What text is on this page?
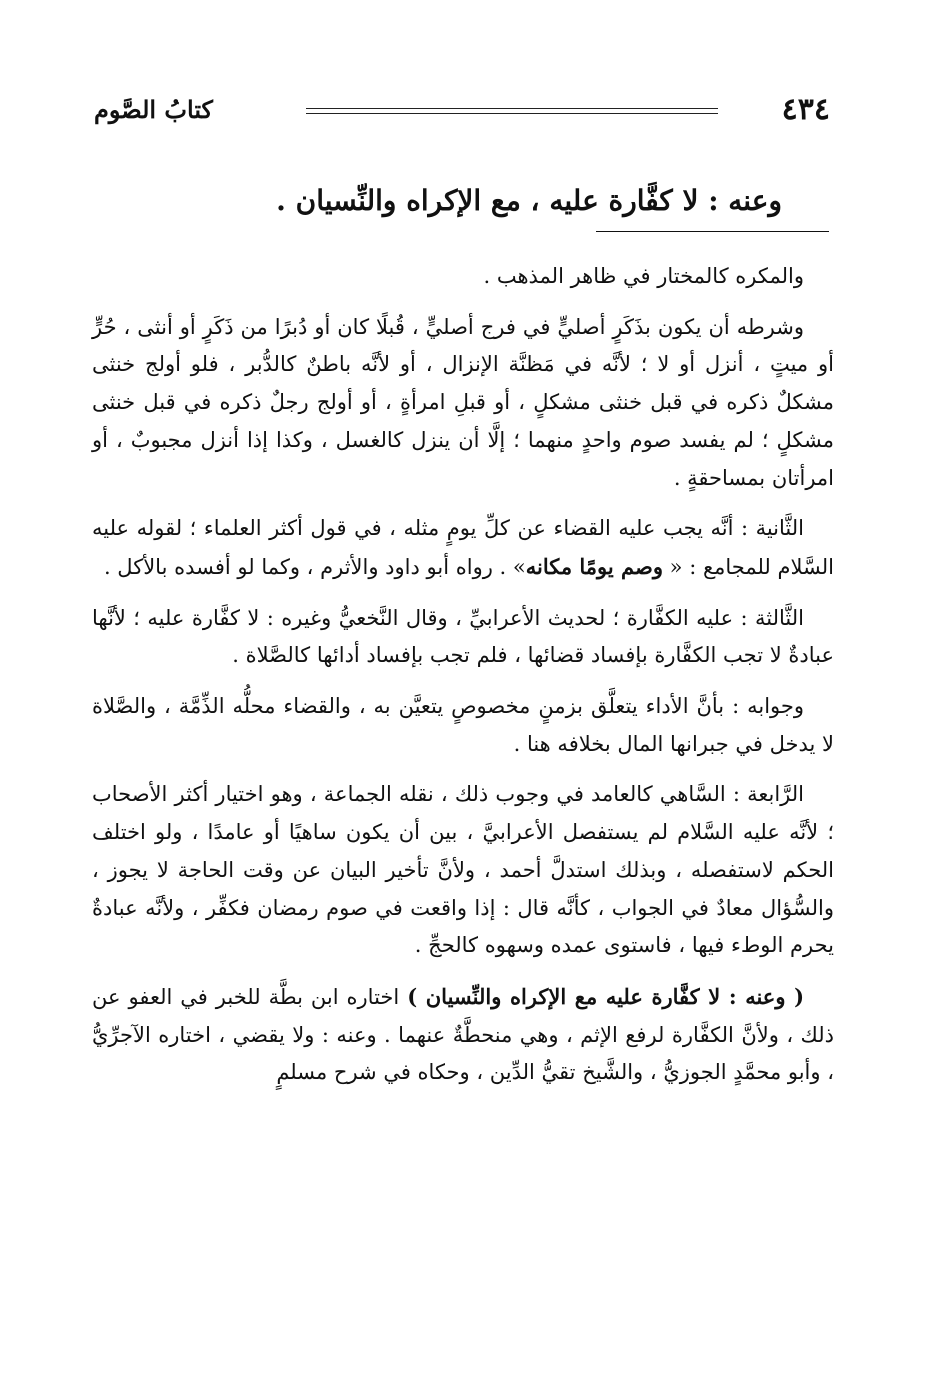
٤٣٤
كتابُ الصَّوم
وعنه : لا كفَّارة عليه ، مع الإكراه والنِّسيان .

والمكره كالمختار في ظاهر المذهب .

وشرطه أن يكون بذَكَرٍ أصليٍّ في فرج أصليٍّ ، قُبلًا كان أو دُبرًا من ذَكَرٍ أو أنثى ، حُرٍّ أو ميتٍ ، أنزل أو لا ؛ لأنَّه في مَظنَّة الإنزال ، أو لأنَّه باطنٌ كالدُّبر ، فلو أولج خنثى مشكلٌ ذكره في قبل خنثى مشكلٍ ، أو قبلِ امرأةٍ ، أو أولج رجلٌ ذكره في قبل خنثى مشكلٍ ؛ لم يفسد صوم واحدٍ منهما ؛ إلَّا أن ينزل كالغسل ، وكذا إذا أنزل مجبوبٌ ، أو امرأتان بمساحقةٍ .

الثَّانية : أنَّه يجب عليه القضاء عن كلِّ يومٍ مثله ، في قول أكثر العلماء ؛ لقوله عليه السَّلام للمجامع : « وصم يومًا مكانه» . رواه أبو داود والأثرم ، وكما لو أفسده بالأكل .

الثَّالثة : عليه الكفَّارة ؛ لحديث الأعرابيِّ ، وقال النَّخعيُّ وغيره : لا كفَّارة عليه ؛ لأنَّها عبادةٌ لا تجب الكفَّارة بإفساد قضائها ، فلم تجب بإفساد أدائها كالصَّلاة .

وجوابه : بأنَّ الأداء يتعلَّق بزمنٍ مخصوصٍ يتعيَّن به ، والقضاء محلُّه الذِّمَّة ، والصَّلاة لا يدخل في جبرانها المال بخلافه هنا .

الرَّابعة : السَّاهي كالعامد في وجوب ذلك ، نقله الجماعة ، وهو اختيار أكثر الأصحاب ؛ لأنَّه عليه السَّلام لم يستفصل الأعرابيَّ ، بين أن يكون ساهيًا أو عامدًا ، ولو اختلف الحكم لاستفصله ، وبذلك استدلَّ أحمد ، ولأنَّ تأخير البيان عن وقت الحاجة لا يجوز ، والسُّؤال معادٌ في الجواب ، كأنَّه قال : إذا واقعت في صوم رمضان فكفِّر ، ولأنَّه عبادةٌ يحرم الوطء فيها ، فاستوى عمده وسهوه كالحجِّ .

( وعنه : لا كفَّارة عليه مع الإكراه والنِّسيان ) اختاره ابن بطَّة للخبر في العفو عن ذلك ، ولأنَّ الكفَّارة لرفع الإثم ، وهي منحطَّةٌ عنهما . وعنه : ولا يقضي ، اختاره الآجرِّيُّ ، وأبو محمَّدٍ الجوزيُّ ، والشَّيخ تقيُّ الدِّين ، وحكاه في شرح مسلمٍ
